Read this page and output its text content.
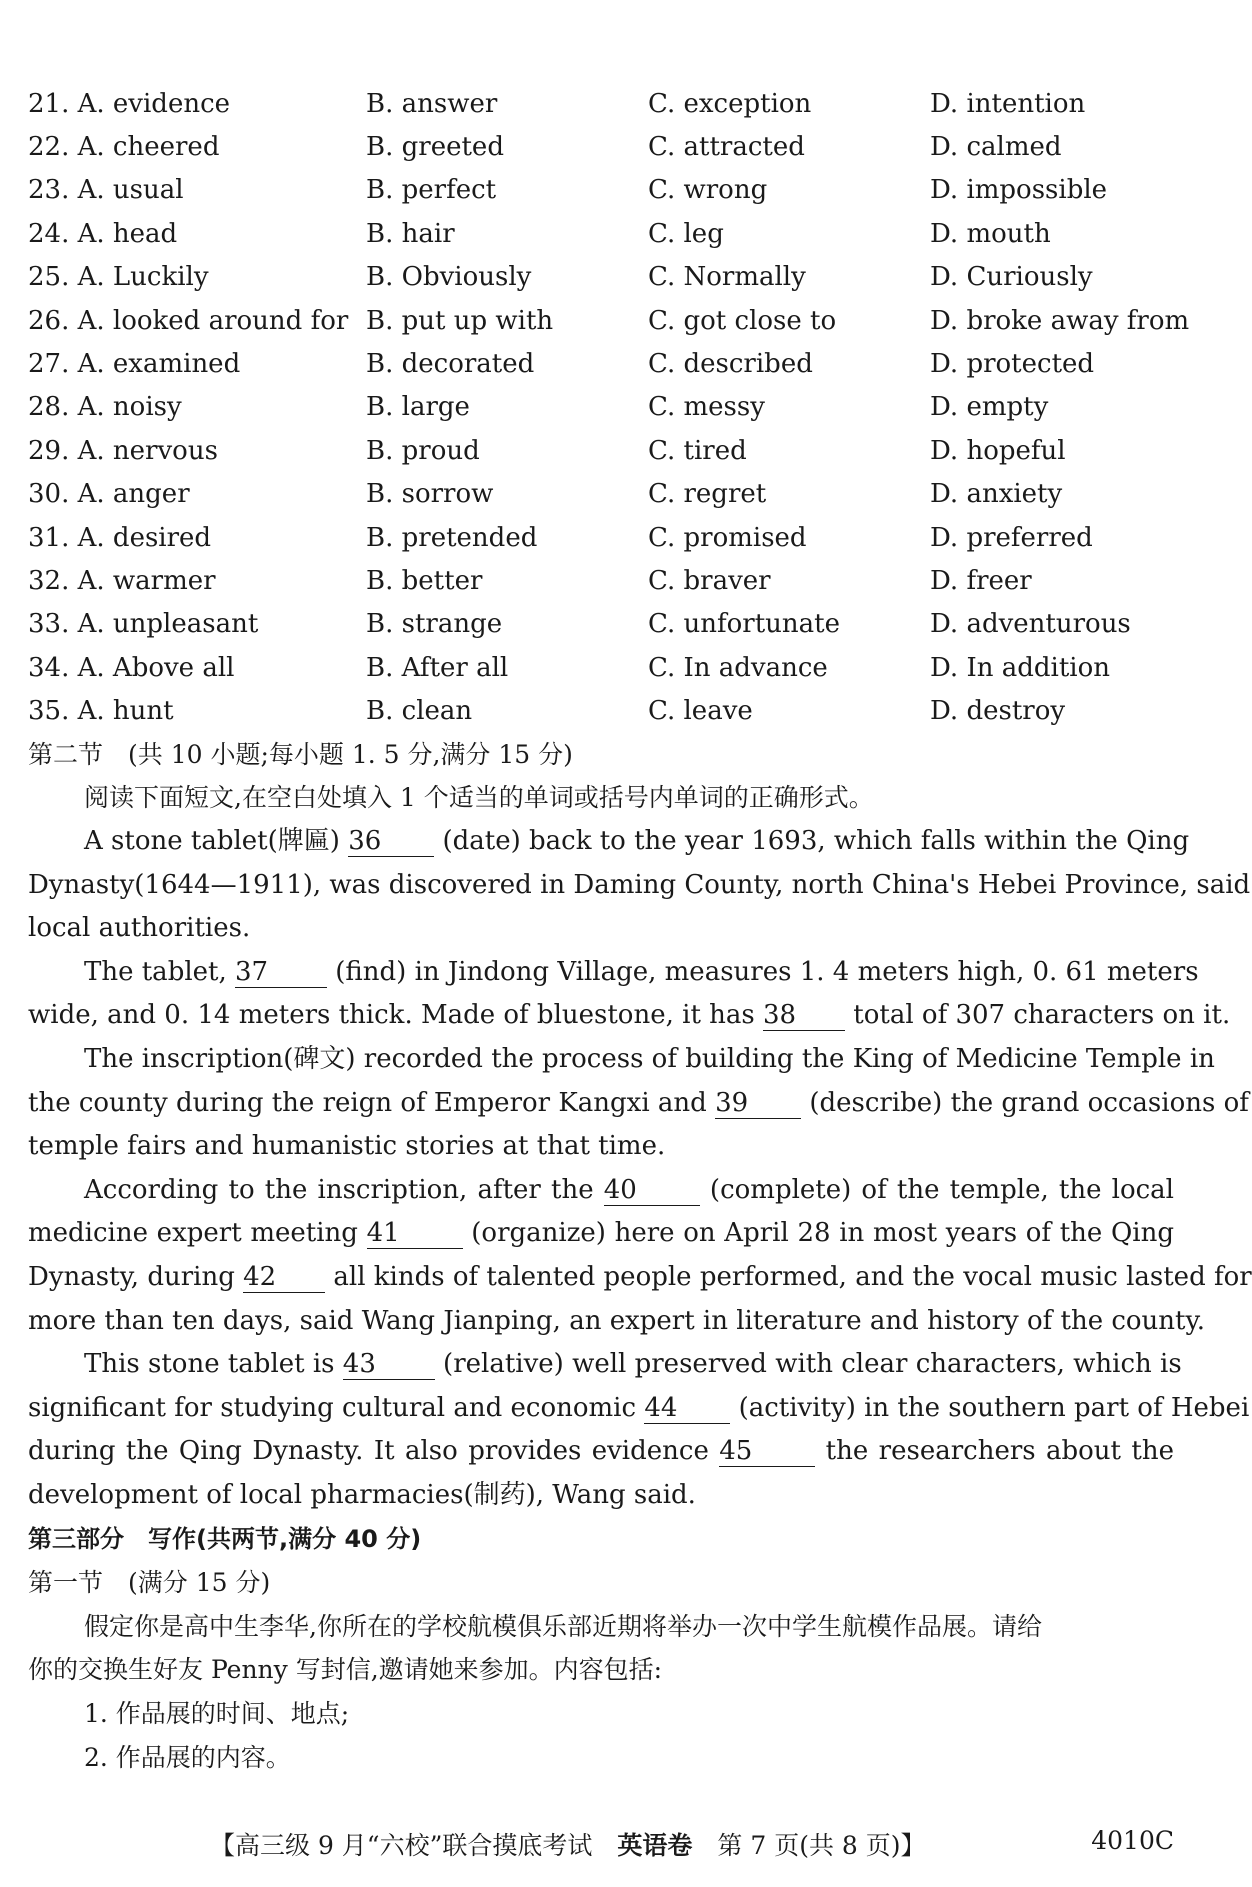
21. A. evidence	B. answer	C. exception	D. intention
22. A. cheered	B. greeted	C. attracted	D. calmed
23. A. usual	B. perfect	C. wrong	D. impossible
24. A. head	B. hair	C. leg	D. mouth
25. A. Luckily	B. Obviously	C. Normally	D. Curiously
26. A. looked around for B. put up with	C. got close to	D. broke away from
27. A. examined	B. decorated	C. described	D. protected
28. A. noisy	B. large	C. messy	D. empty
29. A. nervous	B. proud	C. tired	D. hopeful
30. A. anger	B. sorrow	C. regret	D. anxiety
31. A. desired	B. pretended	C. promised	D. preferred
32. A. warmer	B. better	C. braver	D. freer
33. A. unpleasant	B. strange	C. unfortunate	D. adventurous
34. A. Above all	B. After all	C. In advance	D. In addition
35. A. hunt	B. clean	C. leave	D. destroy
第二节　(共 10 小题;每小题 1. 5 分,满分 15 分)
阅读下面短文,在空白处填入 1 个适当的单词或括号内单词的正确形式。
A stone tablet(牌匾) 36 (date) back to the year 1693, which falls within the Qing
Dynasty(1644—1911), was discovered in Daming County, north China's Hebei Province, said
local authorities.
The tablet, 37 (find) in Jindong Village, measures 1. 4 meters high, 0. 61 meters
wide, and 0. 14 meters thick. Made of bluestone, it has 38 total of 307 characters on it.
The inscription(碑文) recorded the process of building the King of Medicine Temple in
the county during the reign of Emperor Kangxi and 39 (describe) the grand occasions of
temple fairs and humanistic stories at that time.
According to the inscription, after the 40 (complete) of the temple, the local
medicine expert meeting 41 (organize) here on April 28 in most years of the Qing
Dynasty, during 42 all kinds of talented people performed, and the vocal music lasted for
more than ten days, said Wang Jianping, an expert in literature and history of the county.
This stone tablet is 43 (relative) well preserved with clear characters, which is
significant for studying cultural and economic 44 (activity) in the southern part of Hebei
during the Qing Dynasty. It also provides evidence 45 the researchers about the
development of local pharmacies(制药), Wang said.
第三部分　写作(共两节,满分 40 分)
第一节　(满分 15 分)
假定你是高中生李华,你所在的学校航模俱乐部近期将举办一次中学生航模作品展。请给
你的交换生好友 Penny 写封信,邀请她来参加。内容包括:
1. 作品展的时间、地点;
2. 作品展的内容。
【高三级 9 月“六校”联合摸底考试　英语卷　第 7 页(共 8 页)】	4010C
